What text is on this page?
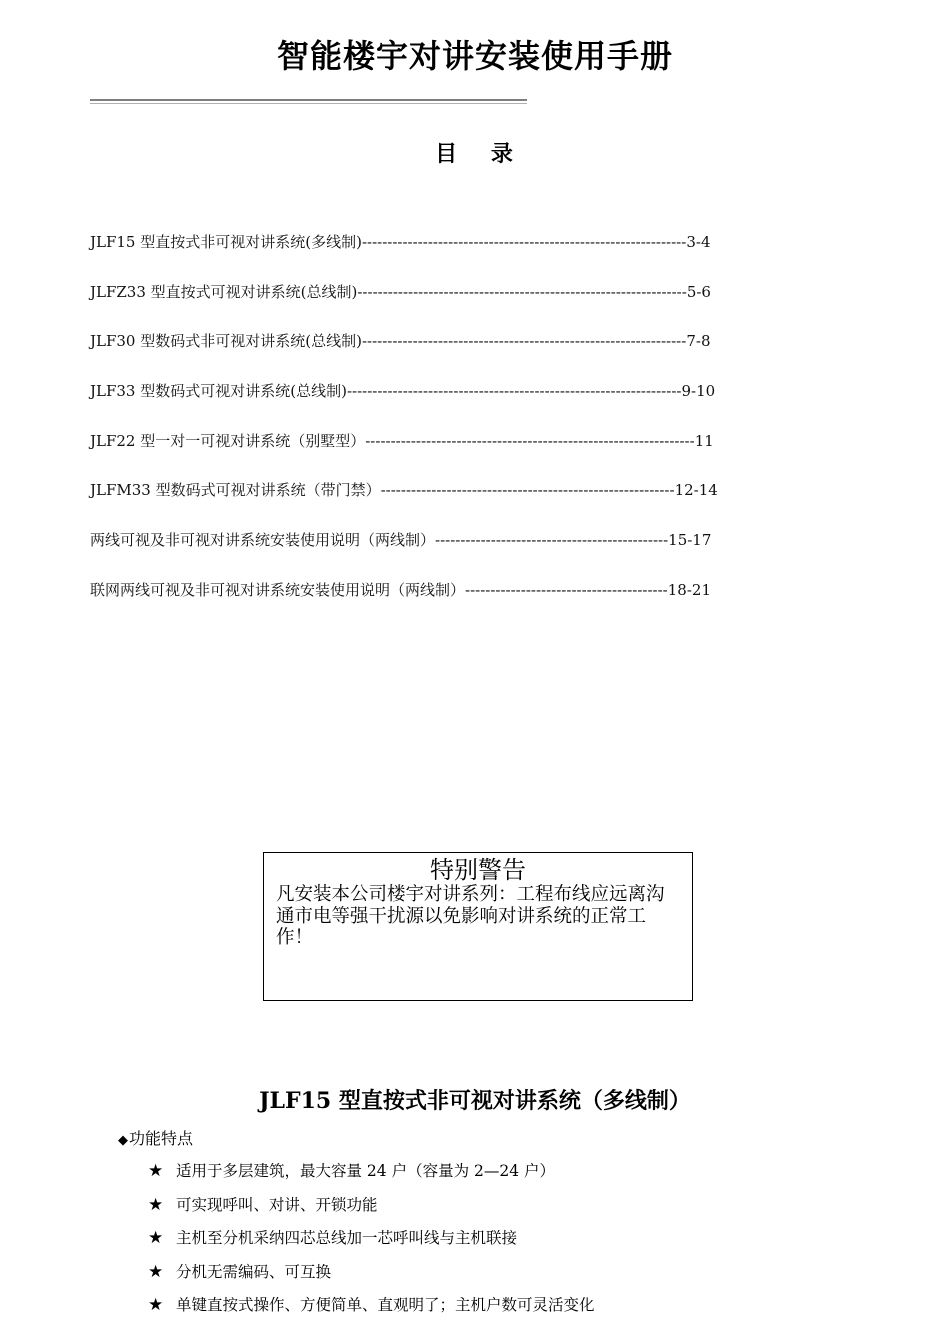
智能楼宇对讲安装使用手册
目 录
JLF15 型直按式非可视对讲系统(多线制)----------------------------------------------------------------3-4
JLFZ33 型直按式可视对讲系统(总线制)-----------------------------------------------------------------5-6
JLF30 型数码式非可视对讲系统(总线制)----------------------------------------------------------------7-8
JLF33 型数码式可视对讲系统(总线制)------------------------------------------------------------------9-10
JLF22 型一对一可视对讲系统（别墅型）-----------------------------------------------------------------11
JLFM33 型数码式可视对讲系统（带门禁）----------------------------------------------------------12-14
两线可视及非可视对讲系统安装使用说明（两线制）----------------------------------------------15-17
联网两线可视及非可视对讲系统安装使用说明（两线制）----------------------------------------18-21
特别警告
凡安装本公司楼宇对讲系列：工程布线应远离沟通市电等强干扰源以免影响对讲系统的正常工作！
JLF15 型直按式非可视对讲系统（多线制）
◆功能特点
★ 适用于多层建筑，最大容量 24 户（容量为 2—24 户）
★ 可实现呼叫、对讲、开锁功能
★ 主机至分机采纳四芯总线加一芯呼叫线与主机联接
★ 分机无需编码、可互换
★ 单键直按式操作、方便简单、直观明了；主机户数可灵活变化
